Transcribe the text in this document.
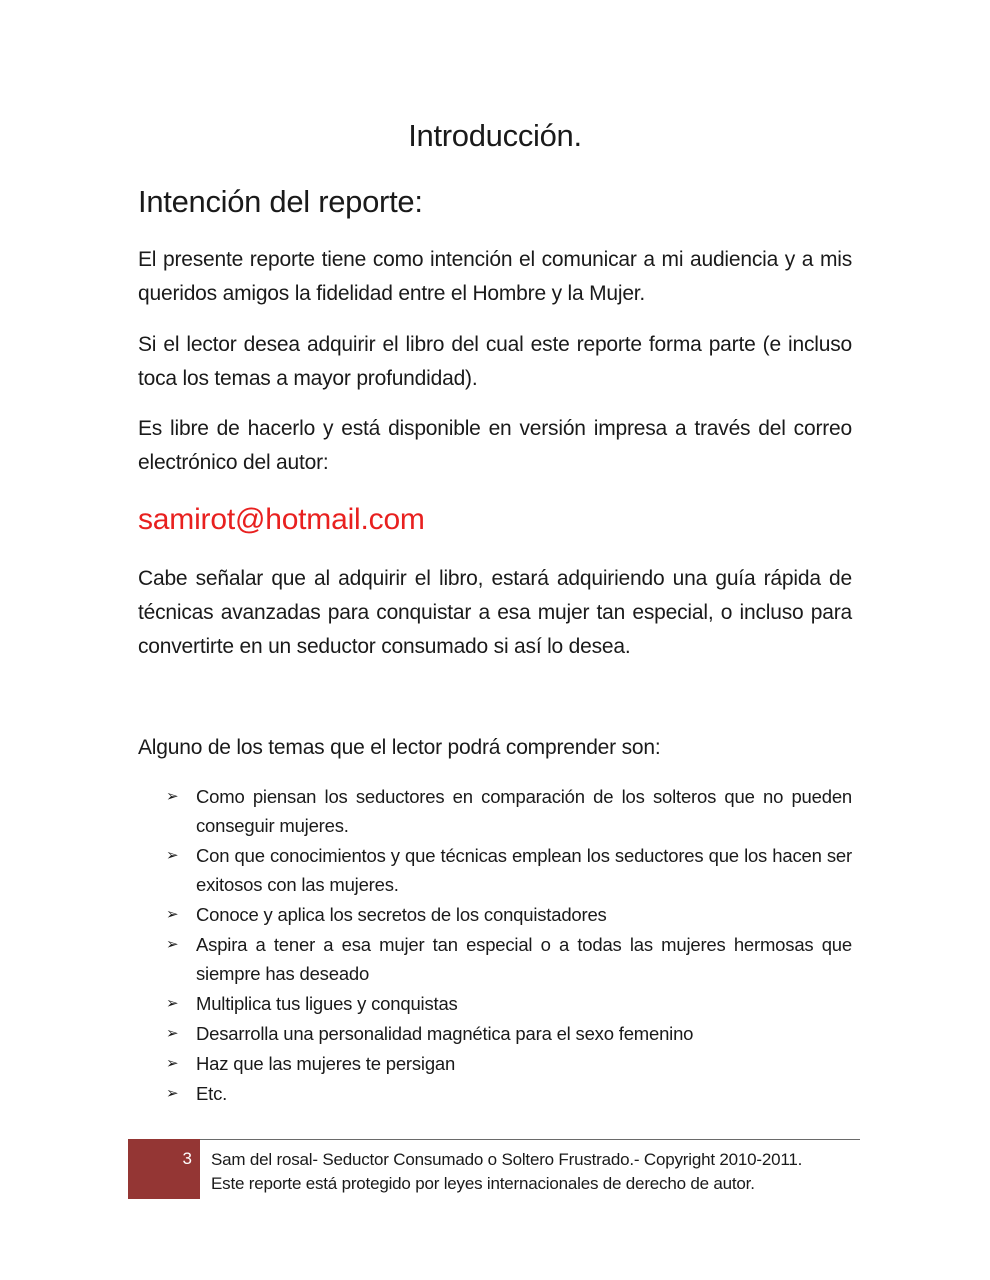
Introducción.
Intención del reporte:

El presente reporte tiene como intención el comunicar a mi audiencia y a mis queridos amigos la fidelidad entre el Hombre y la Mujer.

Si el lector desea adquirir el libro del cual este reporte forma parte (e incluso toca los temas a mayor profundidad).

Es libre de hacerlo y está disponible en versión impresa a través del correo electrónico del autor:

samirot@hotmail.com

Cabe señalar que al adquirir el libro, estará adquiriendo una guía rápida de técnicas avanzadas para conquistar a esa mujer tan especial, o incluso para convertirte en un seductor consumado si así lo desea.

Alguno de los temas que el lector podrá comprender son:

➢ Como piensan los seductores en comparación de los solteros que no pueden conseguir mujeres.
➢ Con que conocimientos y que técnicas emplean los seductores que los hacen ser exitosos con las mujeres.
➢ Conoce y aplica los secretos de los conquistadores
➢ Aspira a tener a esa mujer tan especial o a todas las mujeres hermosas que siempre has deseado
➢ Multiplica tus ligues y conquistas
➢ Desarrolla una personalidad magnética para el sexo femenino
➢ Haz que las mujeres te persigan
➢ Etc.
3 Sam del rosal- Seductor Consumado o Soltero Frustrado.- Copyright 2010-2011.
Este reporte está protegido por leyes internacionales de derecho de autor.
